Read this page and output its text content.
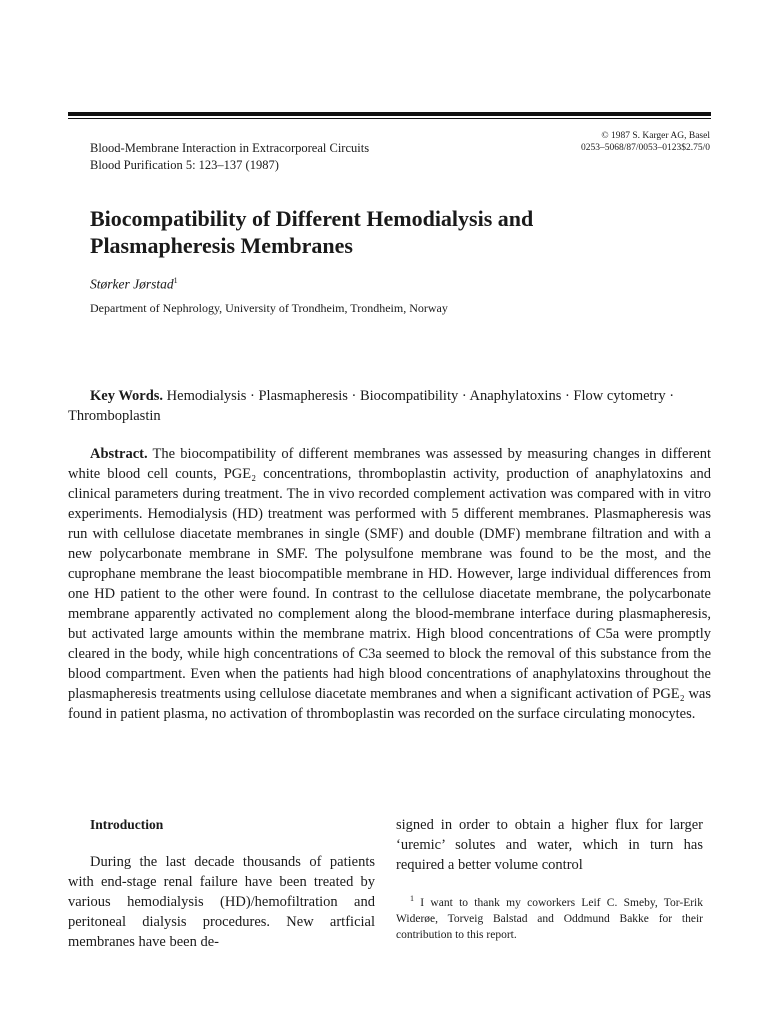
Blood-Membrane Interaction in Extracorporeal Circuits
Blood Purification 5: 123–137 (1987)
© 1987 S. Karger AG, Basel
0253–5068/87/0053–0123$2.75/0
Biocompatibility of Different Hemodialysis and Plasmapheresis Membranes
Størker Jørstad$^1$
Department of Nephrology, University of Trondheim, Trondheim, Norway

Key Words. Hemodialysis · Plasmapheresis · Biocompatibility · Anaphylatoxins · Flow cytometry · Thromboplastin

Abstract. The biocompatibility of different membranes was assessed by measuring changes in different white blood cell counts, PGE₂ concentrations, thromboplastin activity, production of anaphylatoxins and clinical parameters during treatment. The in vivo recorded complement activation was compared with in vitro experiments. Hemodialysis (HD) treatment was performed with 5 different membranes. Plasmapheresis was run with cellulose diacetate membranes in single (SMF) and double (DMF) membrane filtration and with a new polycarbonate membrane in SMF. The polysulfone membrane was found to be the most, and the cuprophane membrane the least biocompatible membrane in HD. However, large individual differences from one HD patient to the other were found. In contrast to the cellulose diacetate membrane, the polycarbonate membrane apparently activated no complement along the blood-membrane interface during plasmapheresis, but activated large amounts within the membrane matrix. High blood concentrations of C5a were promptly cleared in the body, while high concentrations of C3a seemed to block the removal of this substance from the blood compartment. Even when the patients had high blood concentrations of anaphylatoxins throughout the plasmapheresis treatments using cellulose diacetate membranes and when a significant activation of PGE₂ was found in patient plasma, no activation of thromboplastin was recorded on the surface circulating monocytes.

Introduction

During the last decade thousands of patients with end-stage renal failure have been treated by various hemodialysis (HD)/hemofiltration and peritoneal dialysis procedures. New artficial membranes have been de-

signed in order to obtain a higher flux for larger ‘uremic’ solutes and water, which in turn has required a better volume control

$^1$ I want to thank my coworkers Leif C. Smeby, Tor-Erik Widerøe, Torveig Balstad and Oddmund Bakke for their contribution to this report.
